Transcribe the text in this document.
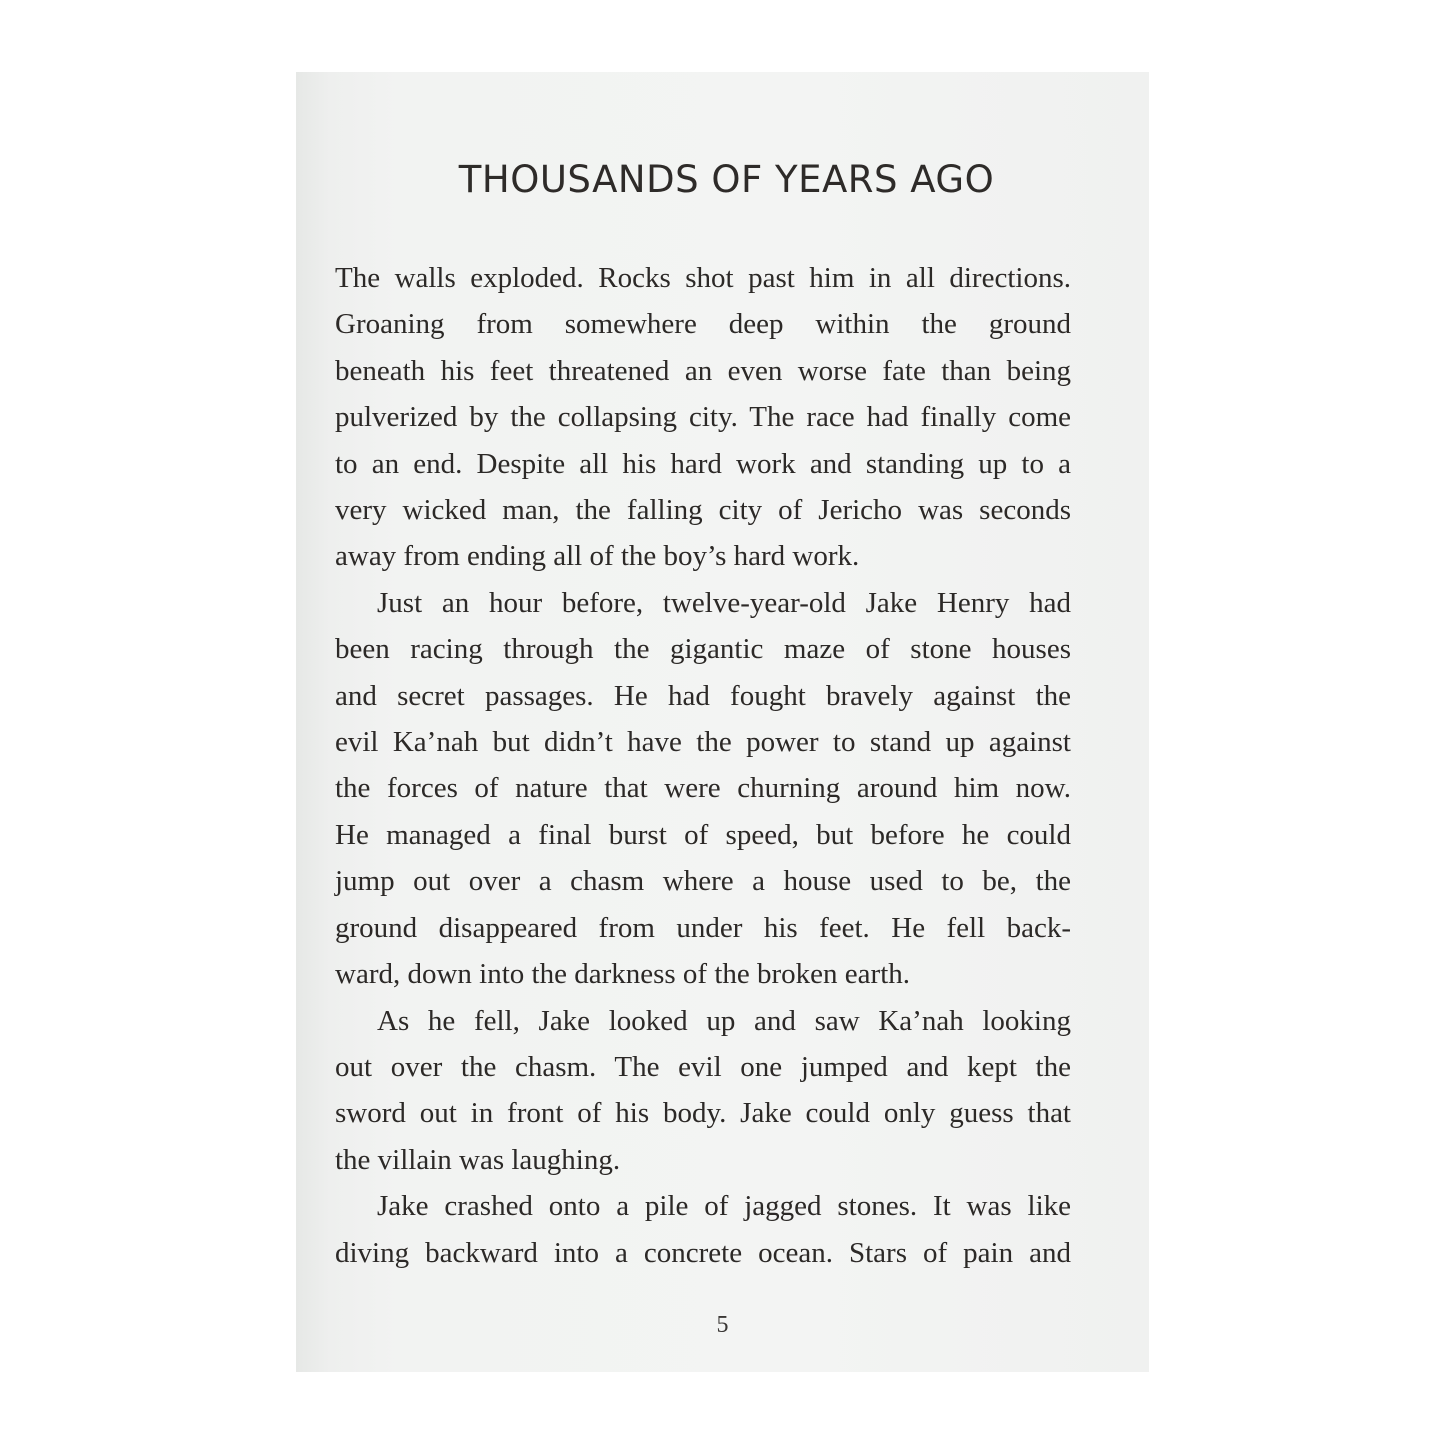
THOUSANDS OF YEARS AGO

The walls exploded. Rocks shot past him in all directions.

Groaning from somewhere deep within the ground

beneath his feet threatened an even worse fate than being

pulverized by the collapsing city. The race had finally come

to an end. Despite all his hard work and standing up to a

very wicked man, the falling city of Jericho was seconds

away from ending all of the boy’s hard work.

Just an hour before, twelve-year-old Jake Henry had

been racing through the gigantic maze of stone houses

and secret passages. He had fought bravely against the

evil Ka’nah but didn’t have the power to stand up against

the forces of nature that were churning around him now.

He managed a final burst of speed, but before he could

jump out over a chasm where a house used to be, the

ground disappeared from under his feet. He fell back-

ward, down into the darkness of the broken earth.

As he fell, Jake looked up and saw Ka’nah looking

out over the chasm. The evil one jumped and kept the

sword out in front of his body. Jake could only guess that

the villain was laughing.

Jake crashed onto a pile of jagged stones. It was like

diving backward into a concrete ocean. Stars of pain and

5
